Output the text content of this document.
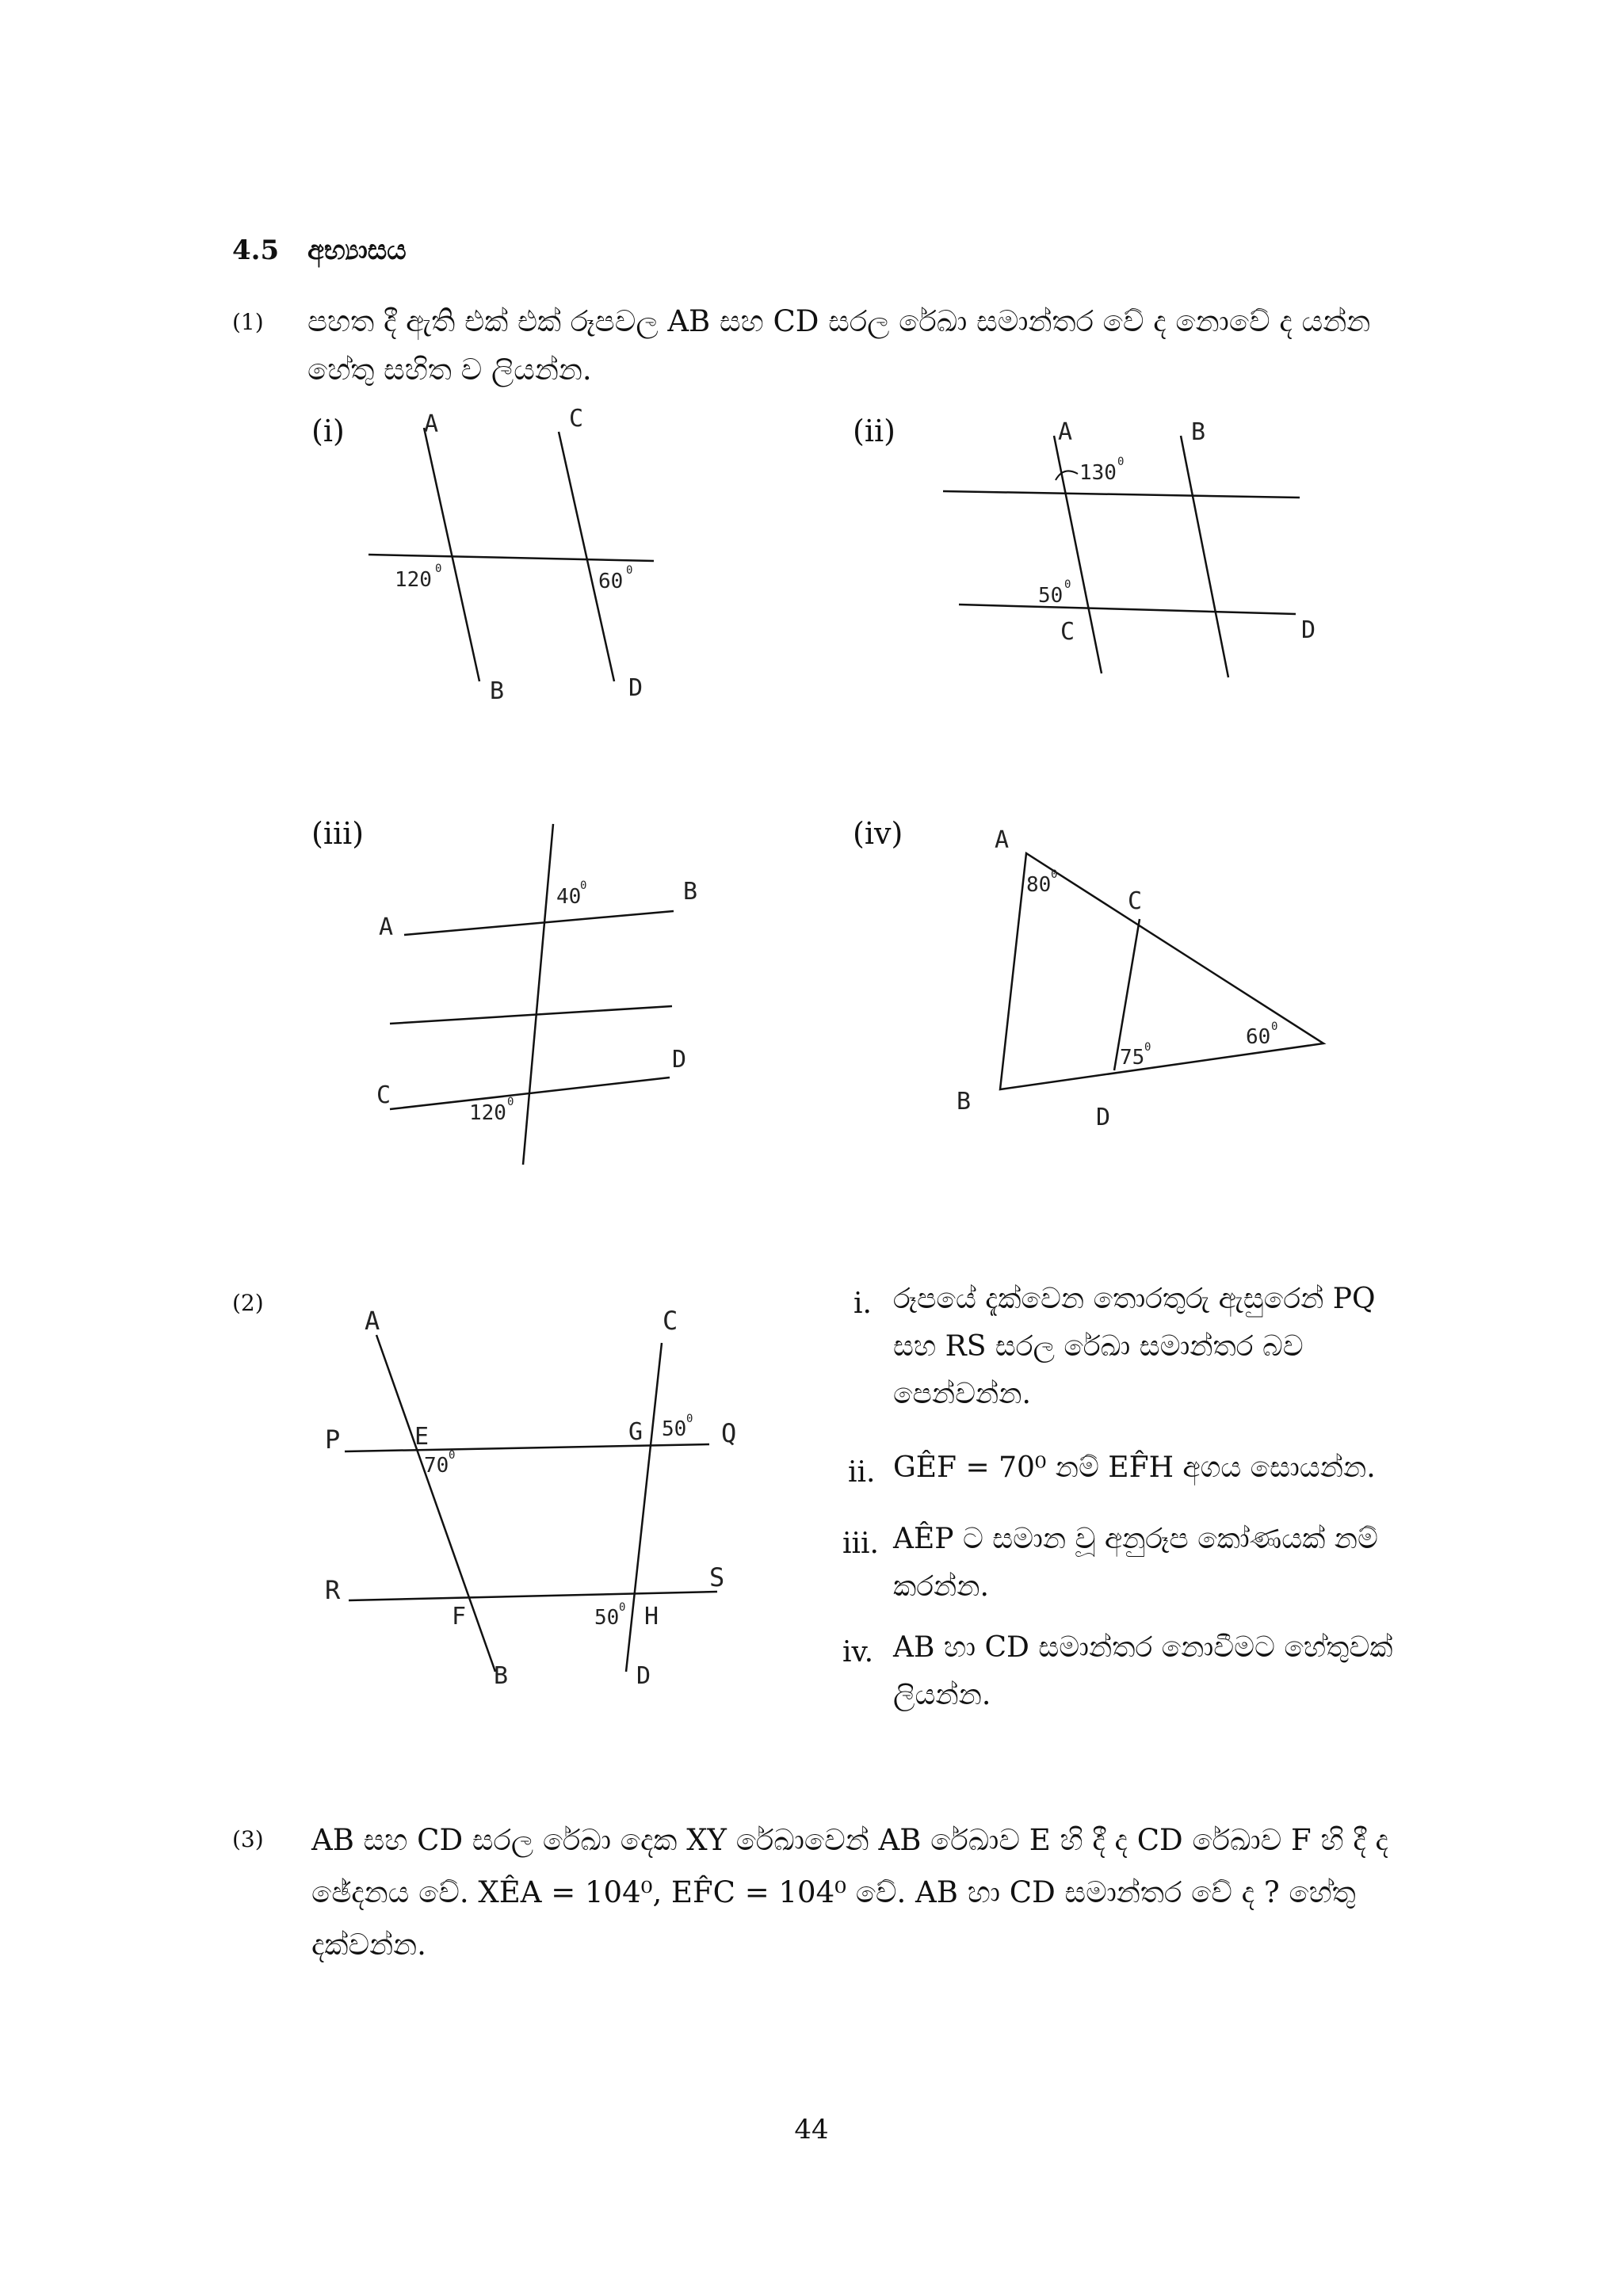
4.5 අභ්‍යාසය
(1) පහත දී ඇති එක් එක් රූපවල AB සහ CD සරල රේඛා සමාන්තර වේ ද නොවේ ද යන්න හේතු සහිත ව ලියන්න.
(i)	A	C
B	D
120 0
60 0
(ii)	A	B
C	D
130 0
50 0
(iii)
A
B
C
D
40
0
120 0
(iv)	A
C
B
D
80 0
75 0	60 0
(2)
A	C
P	Q
R	S
E	G
F	H
B	D
70 0
50 0
50 0
i. රූපයේ දැක්වෙන තොරතුරු ඇසුරෙන් PQ සහ RS සරල රේඛා සමාන්තර බව පෙන්වන්න.
ii. GÊF = 70⁰ නම් EF̂H අගය සොයන්න.
iii. AÊP ට සමාන වූ අනුරූප කෝණයක් නම් කරන්න.
iv. AB හා CD සමාන්තර නොවීමට හේතුවක් ලියන්න.
(3) AB සහ CD සරල රේඛා දෙක XY රේඛාවෙන් AB රේඛාව E හි දී ද CD රේඛාව F හි දී ද ඡේදනය වේ. XÊA = 104⁰, EF̂C = 104⁰ වේ. AB හා CD සමාන්තර වේ ද ? හේතු දක්වන්න.
44
